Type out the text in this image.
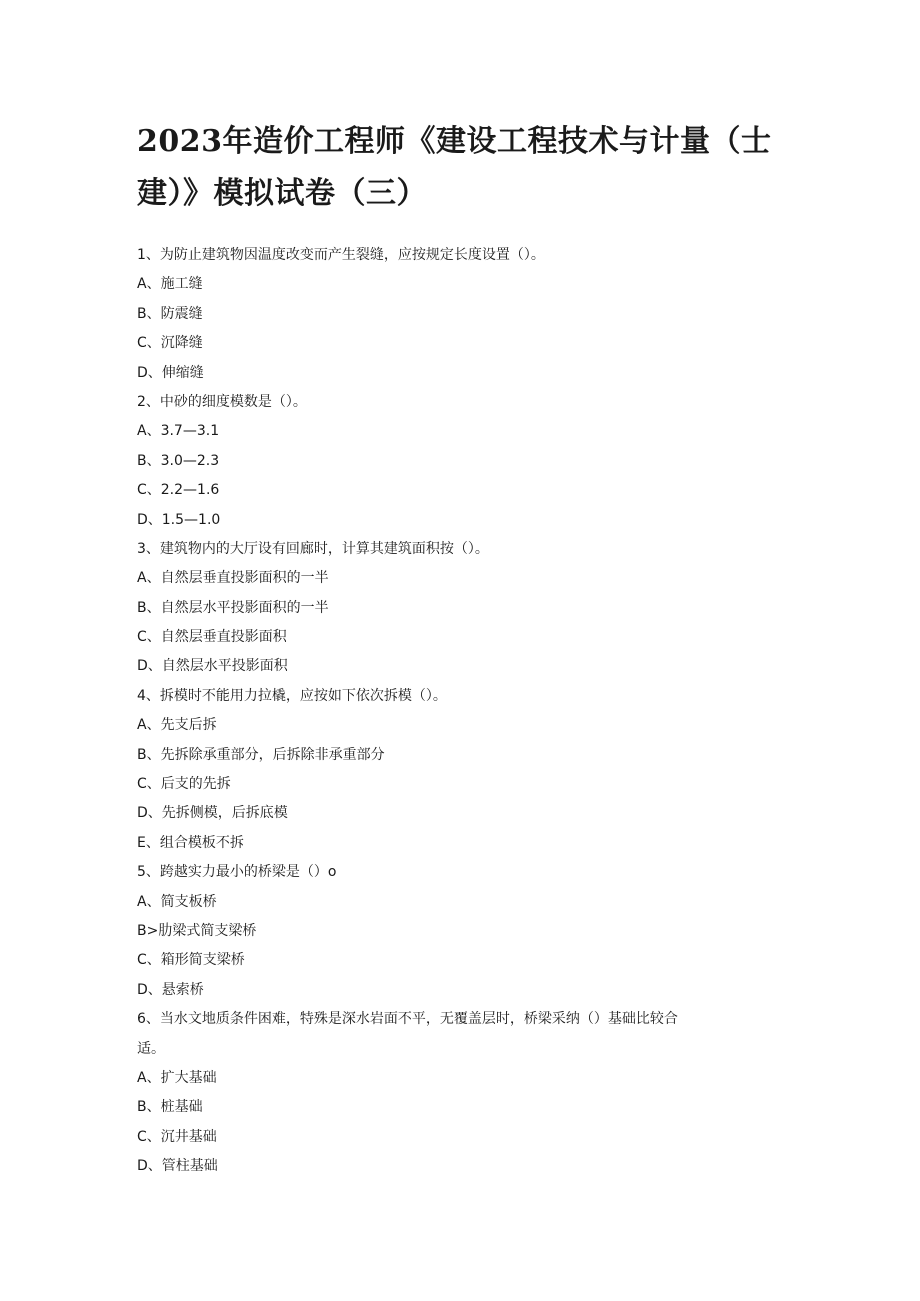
2023年造价工程师《建设工程技术与计量（士
建）》模拟试卷（三）
1、为防止建筑物因温度改变而产生裂缝，应按规定长度设置（）。
A、施工缝
B、防震缝
C、沉降缝
D、伸缩缝
2、中砂的细度模数是（）。
A、3.7—3.1
B、3.0—2.3
C、2.2—1.6
D、1.5—1.0
3、建筑物内的大厅设有回廊时，计算其建筑面积按（）。
A、自然层垂直投影面积的一半
B、自然层水平投影面积的一半
C、自然层垂直投影面积
D、自然层水平投影面积
4、拆模时不能用力拉橇，应按如下依次拆模（）。
A、先支后拆
B、先拆除承重部分，后拆除非承重部分
C、后支的先拆
D、先拆侧模，后拆底模
E、组合模板不拆
5、跨越实力最小的桥梁是（）o
A、简支板桥
B>肋梁式简支梁桥
C、箱形简支梁桥
D、悬索桥
6、当水文地质条件困难，特殊是深水岩面不平，无覆盖层时，桥梁采纳（）基础比较合
适。
A、扩大基础
B、桩基础
C、沉井基础
D、管柱基础
